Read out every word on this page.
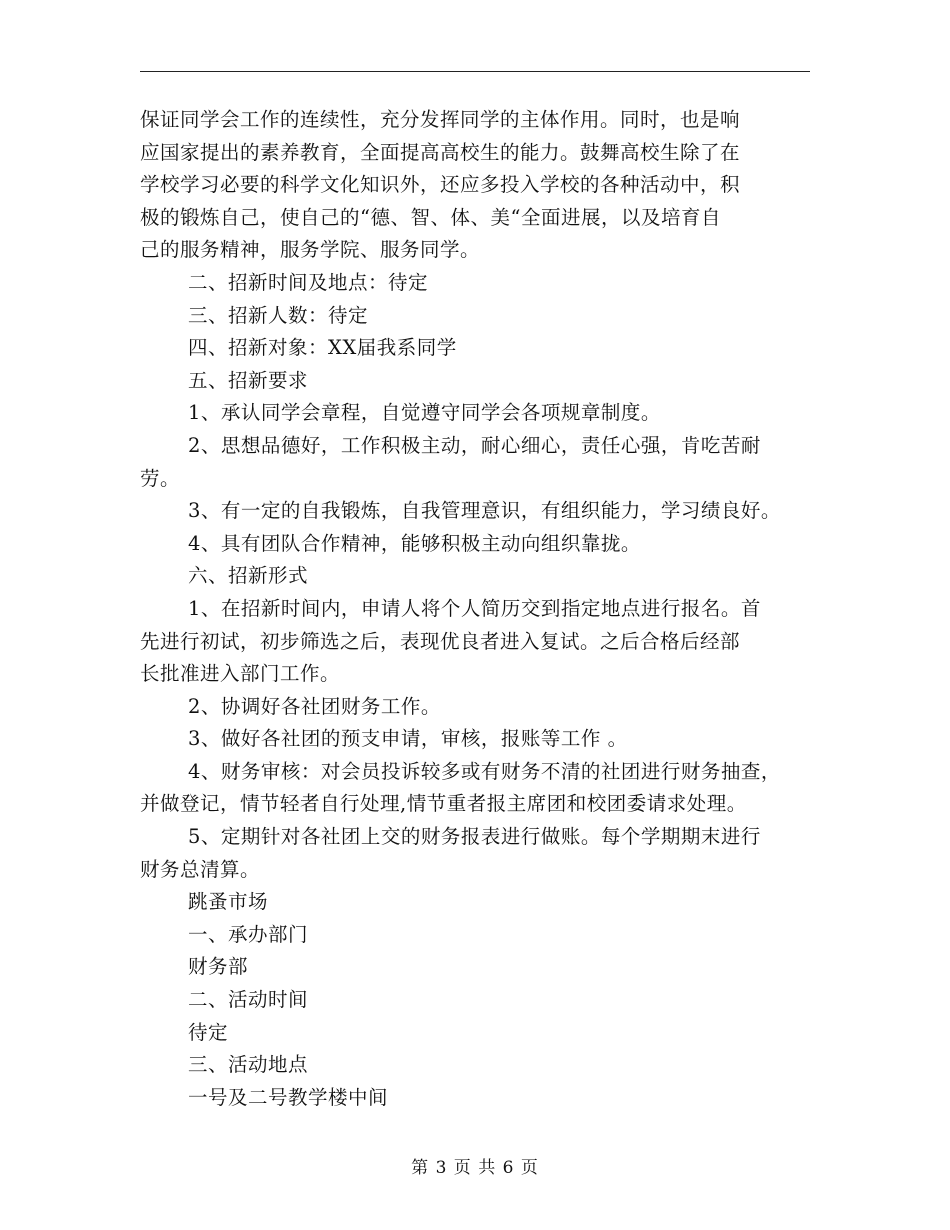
保证同学会工作的连续性，充分发挥同学的主体作用。同时，也是响
应国家提出的素养教育，全面提高高校生的能力。鼓舞高校生除了在
学校学习必要的科学文化知识外，还应多投入学校的各种活动中，积
极的锻炼自己，使自己的“德、智、体、美“全面进展，以及培育自
己的服务精神，服务学院、服务同学。
二、招新时间及地点：待定
三、招新人数：待定
四、招新对象：XX届我系同学
五、招新要求
1、承认同学会章程，自觉遵守同学会各项规章制度。
2、思想品德好，工作积极主动，耐心细心，责任心强，肯吃苦耐
劳。
3、有一定的自我锻炼，自我管理意识，有组织能力，学习绩良好。
4、具有团队合作精神，能够积极主动向组织靠拢。
六、招新形式
1、在招新时间内，申请人将个人简历交到指定地点进行报名。首
先进行初试，初步筛选之后，表现优良者进入复试。之后合格后经部
长批准进入部门工作。
2、协调好各社团财务工作。
3、做好各社团的预支申请，审核，报账等工作 。
4、财务审核：对会员投诉较多或有财务不清的社团进行财务抽查，
并做登记，情节轻者自行处理,情节重者报主席团和校团委请求处理。
5、定期针对各社团上交的财务报表进行做账。每个学期期末进行
财务总清算。
跳蚤市场
一、承办部门
财务部
二、活动时间
待定
三、活动地点
一号及二号教学楼中间
第 3 页 共 6 页
